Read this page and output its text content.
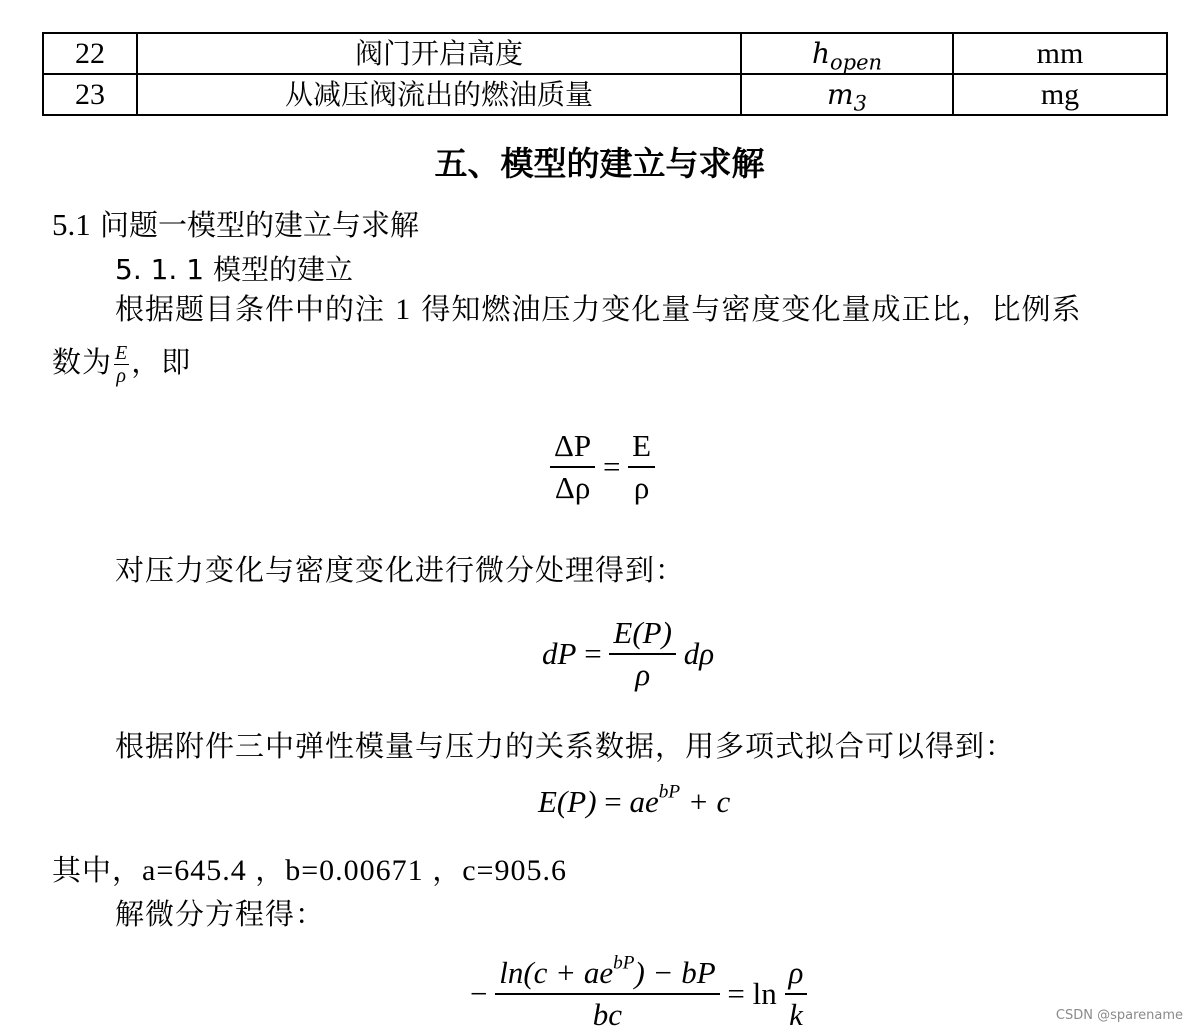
22	阀门开启高度	$h_{open}$	mm
23	从减压阀流出的燃油质量	$m_3$	mg
五、模型的建立与求解
5.1 问题一模型的建立与求解
5. 1. 1 模型的建立
根据题目条件中的注 1 得知燃油压力变化量与密度变化量成正比，比例系
数为 $\frac{E}{\rho}$ ，即
$\frac{\Delta P}{\Delta\rho} = \frac{E}{\rho}$
对压力变化与密度变化进行微分处理得到：
dP = $\frac{E(P)}{\rho}$ dρ
根据附件三中弹性模量与压力的关系数据，用多项式拟合可以得到：
$E(P) = ae^{bP} + c$
其中，a=645.4 ，b=0.00671 ，c=905.6
解微分方程得：
− $\frac{\ln(c + ae^{bP}) - bP}{bc} = \ln \frac{\rho}{k}$	CSDN @sparename
